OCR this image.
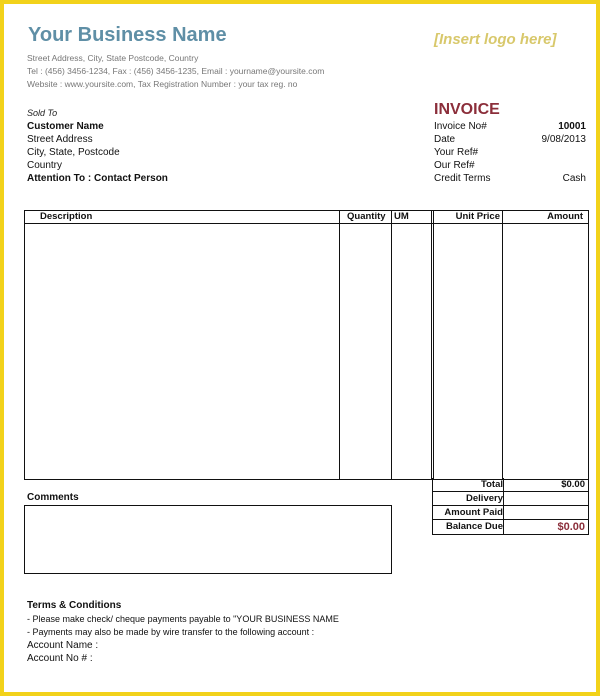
Your Business Name	[Insert logo here]
Street Address, City, State Postcode, Country
Tel : (456) 3456-1234, Fax : (456) 3456-1235, Email : yourname@yoursite.com
Website : www.yoursite.com, Tax Registration Number : your tax reg. no
Sold To
Customer Name
Street Address
City, State, Postcode
Country
Attention To : Contact Person
INVOICE
Invoice No#	10001
Date	9/08/2013
Your Ref#
Our Ref#
Credit Terms	Cash
Description	Quantity UM	Unit Price	Amount
Total	$0.00
Delivery
Amount Paid
Balance Due	$0.00
Comments
Terms & Conditions
- Please make check/ cheque payments payable to "YOUR BUSINESS NAME
- Payments may also be made by wire transfer to the following account :
Account Name :
Account No # :
